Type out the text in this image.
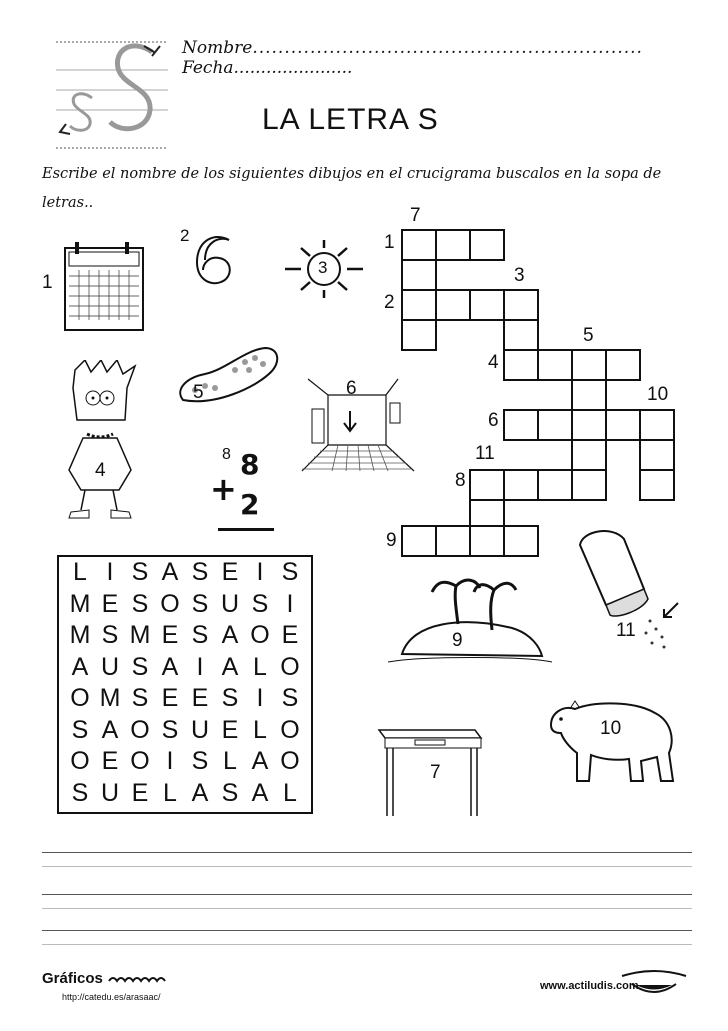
Nombre............................................................. Fecha......................
LA LETRA S
Escribe el nombre de los siguientes dibujos en el crucigrama buscalos en la sopa de letras..
1
2
3
4
5	6
8 8
+ 2
7
1
3
2
5
4
10
6
11
8
9
11
9
7
10
L I S A S E I S
M E S O S U S I
M S M E S A O E
A U S A I A L O
O M S E E S I S
S A O S U E L O
O E O I S L A O
S U E L A S A L
Gráficos
http://catedu.es/arasaac/
www.actiludis.com
